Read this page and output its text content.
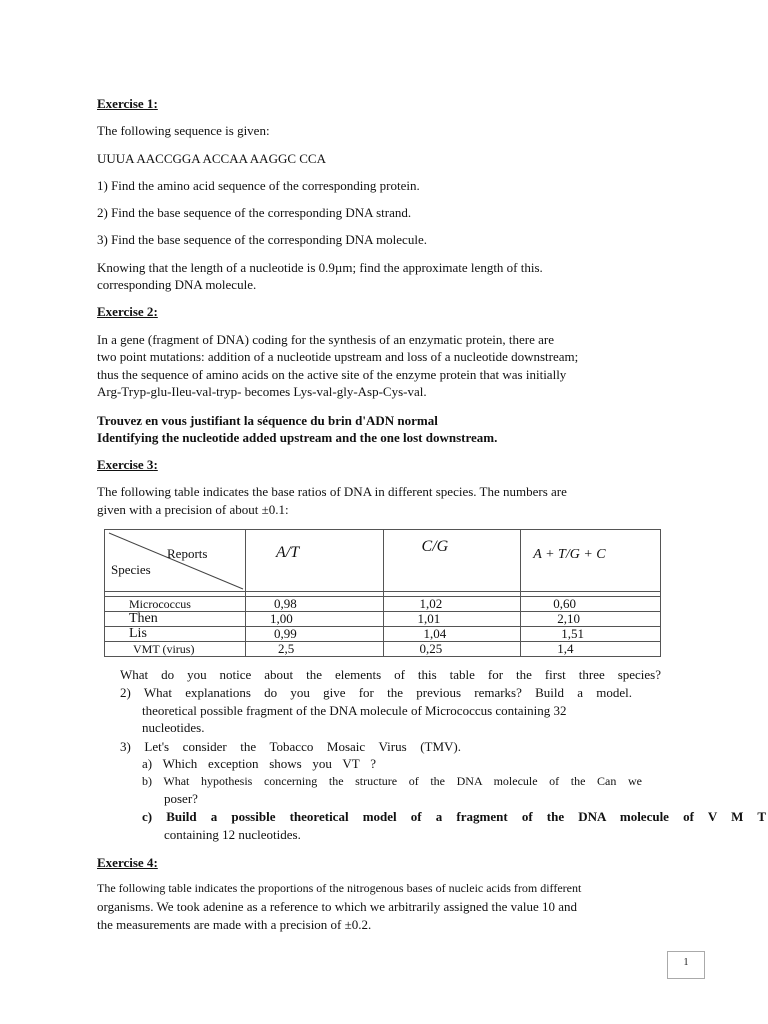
Exercise 1:
The following sequence is given:
UUUA AACCGGA ACCAA AAGGC CCA
1) Find the amino acid sequence of the corresponding protein.
2) Find the base sequence of the corresponding DNA strand.
3) Find the base sequence of the corresponding DNA molecule.
Knowing that the length of a nucleotide is 0.9µm; find the approximate length of this.
corresponding DNA molecule.
Exercise 2:
In a gene (fragment of DNA) coding for the synthesis of an enzymatic protein, there are
two point mutations: addition of a nucleotide upstream and loss of a nucleotide downstream;
thus the sequence of amino acids on the active site of the enzyme protein that was initially
Arg-Tryp-glu-Ileu-val-tryp- becomes Lys-val-gly-Asp-Cys-val.
Trouvez en vous justifiant la séquence du brin d'ADN normal
Identifying the nucleotide added upstream and the one lost downstream.
Exercise 3:
The following table indicates the base ratios of DNA in different species. The numbers are
given with a precision of about ±0.1:
Reports
Species	A/T	C/G	A + T/G + C

Micrococcus	0,98	1,02	0,60
Then	1,00	1,01	2,10
Lis	0,99	1,04	1,51
VMT (virus)	2,5	0,25	1,4
What do you notice about the elements of this table for the first three species?
2) What explanations do you give for the previous remarks? Build a model.
theoretical possible fragment of the DNA molecule of Micrococcus containing 32
nucleotides.
3) Let's consider the Tobacco Mosaic Virus (TMV).
a) Which exception shows you VT ?
b) What hypothesis concerning the structure of the DNA molecule of the Can we
poser?
c) Build a possible theoretical model of a fragment of the DNA molecule of V M T
containing 12 nucleotides.
Exercise 4:
The following table indicates the proportions of the nitrogenous bases of nucleic acids from different
organisms. We took adenine as a reference to which we arbitrarily assigned the value 10 and
the measurements are made with a precision of ±0.2.
1
